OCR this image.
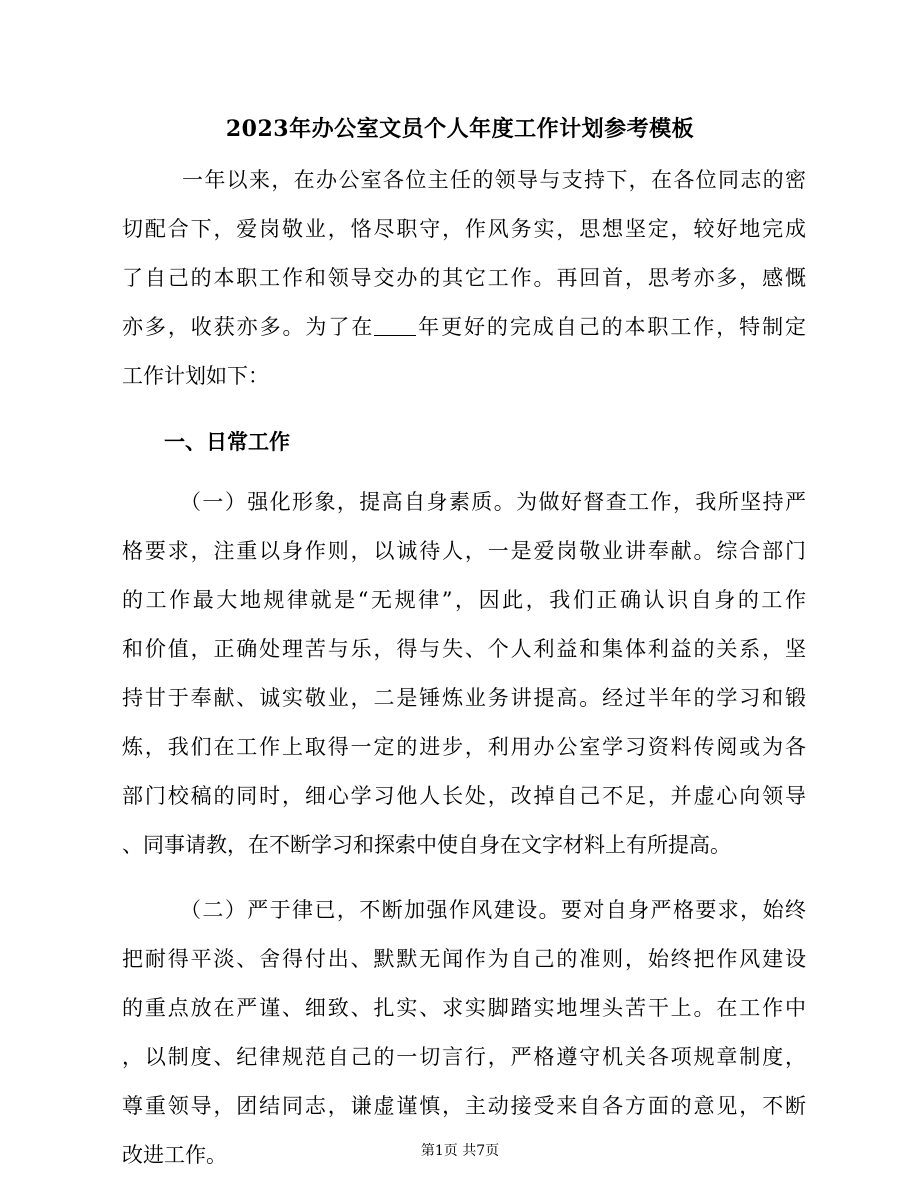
2023年办公室文员个人年度工作计划参考模板
一年以来，在办公室各位主任的领导与支持下，在各位同志的密
切配合下，爱岗敬业，恪尽职守，作风务实，思想坚定，较好地完成
了自己的本职工作和领导交办的其它工作。再回首，思考亦多，感慨
亦多，收获亦多。为了在 年更好的完成自己的本职工作，特制定
工作计划如下：
一、日常工作
（一）强化形象，提高自身素质。为做好督查工作，我所坚持严
格要求，注重以身作则，以诚待人，一是爱岗敬业讲奉献。综合部门
的工作最大地规律就是“无规律”，因此，我们正确认识自身的工作
和价值，正确处理苦与乐，得与失、个人利益和集体利益的关系，坚
持甘于奉献、诚实敬业，二是锤炼业务讲提高。经过半年的学习和锻
炼，我们在工作上取得一定的进步，利用办公室学习资料传阅或为各
部门校稿的同时，细心学习他人长处，改掉自己不足，并虚心向领导
、同事请教，在不断学习和探索中使自身在文字材料上有所提高。
（二）严于律已，不断加强作风建设。要对自身严格要求，始终
把耐得平淡、舍得付出、默默无闻作为自己的准则，始终把作风建设
的重点放在严谨、细致、扎实、求实脚踏实地埋头苦干上。在工作中
，以制度、纪律规范自己的一切言行，严格遵守机关各项规章制度，
尊重领导，团结同志，谦虚谨慎，主动接受来自各方面的意见，不断
改进工作。	第1页 共7页
